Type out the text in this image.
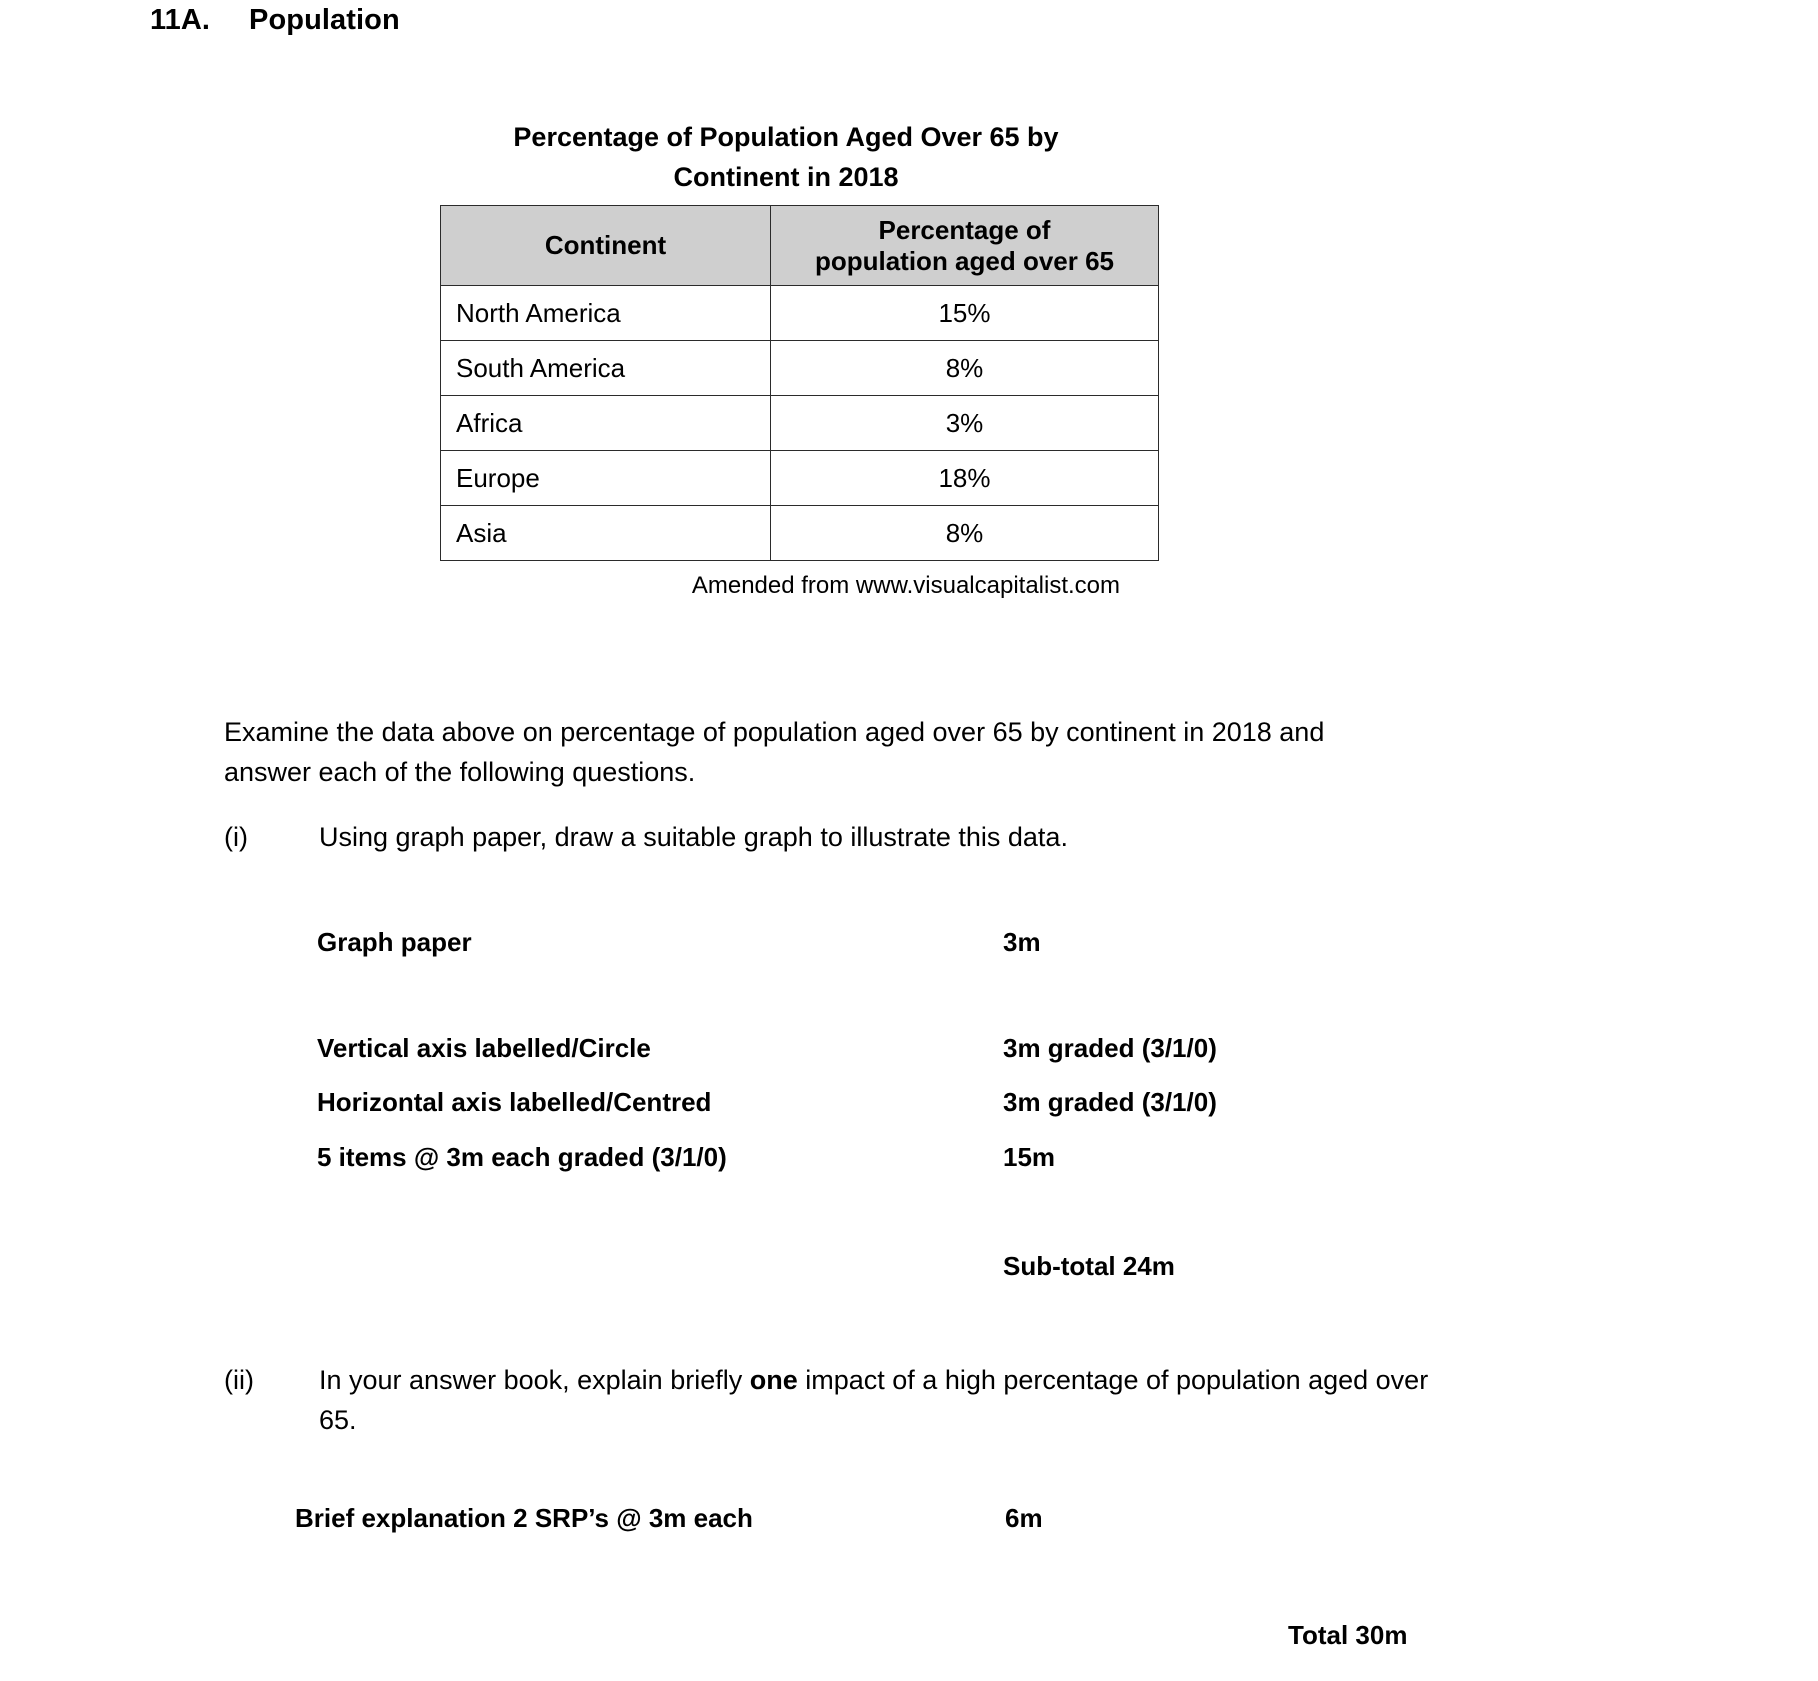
11A. Population
Percentage of Population Aged Over 65 by
Continent in 2018
Continent	Percentage of
population aged over 65

North America	15%
South America	8%
Africa	3%
Europe	18%
Asia	8%
Amended from www.visualcapitalist.com
Examine the data above on percentage of population aged over 65 by continent in 2018 and answer each of the following questions.
(i)	Using graph paper, draw a suitable graph to illustrate this data.
Graph paper	3m
Vertical axis labelled/Circle	3m graded (3/1/0)
Horizontal axis labelled/Centred	3m graded (3/1/0)
5 items @ 3m each graded (3/1/0)	15m
Sub-total 24m
(ii)	In your answer book, explain briefly one impact of a high percentage of population aged over 65.
Brief explanation 2 SRP’s @ 3m each	6m
Total 30m
